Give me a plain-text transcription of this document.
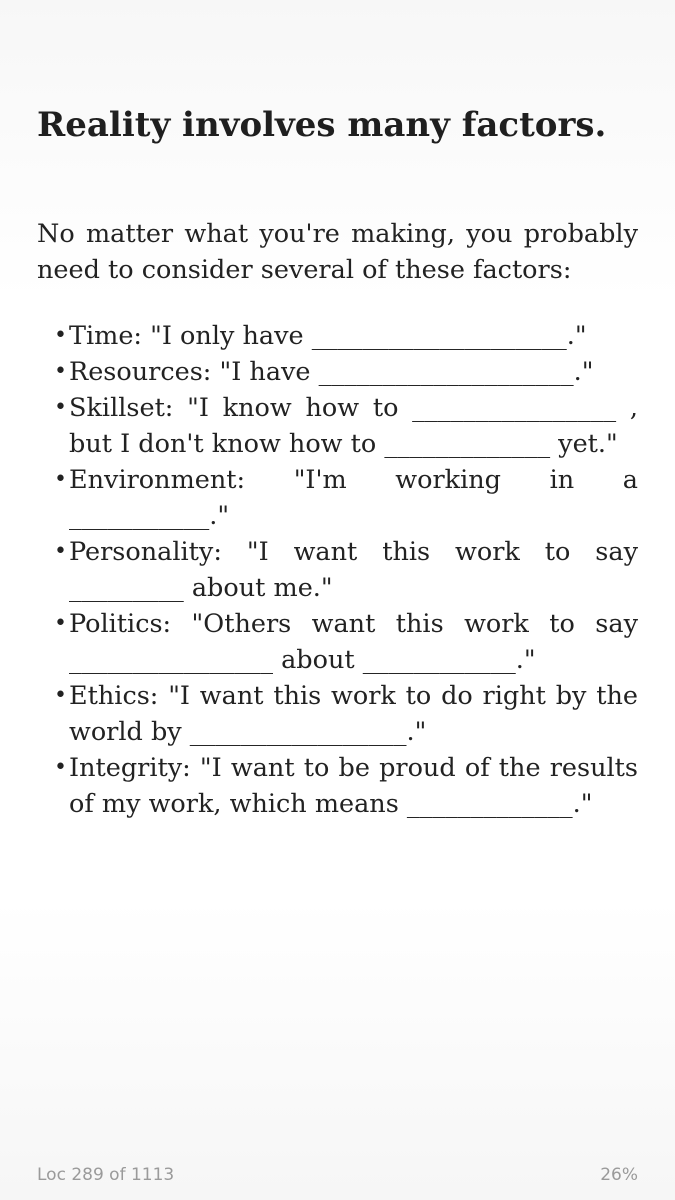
Reality involves many factors.

No matter what you're making, you probably need to consider several of these factors:

• Time: "I only have ____________________."
• Resources: "I have ____________________."
• Skillset: "I know how to ________________ , but I don't know how to _____________ yet."
• Environment: "I'm working in a ___________."
• Personality: "I want this work to say _________ about me."
• Politics: "Others want this work to say ________________ about ____________."
• Ethics: "I want this work to do right by the world by _________________."
• Integrity: "I want to be proud of the results of my work, which means _____________."
Loc 289 of 1113	26%
